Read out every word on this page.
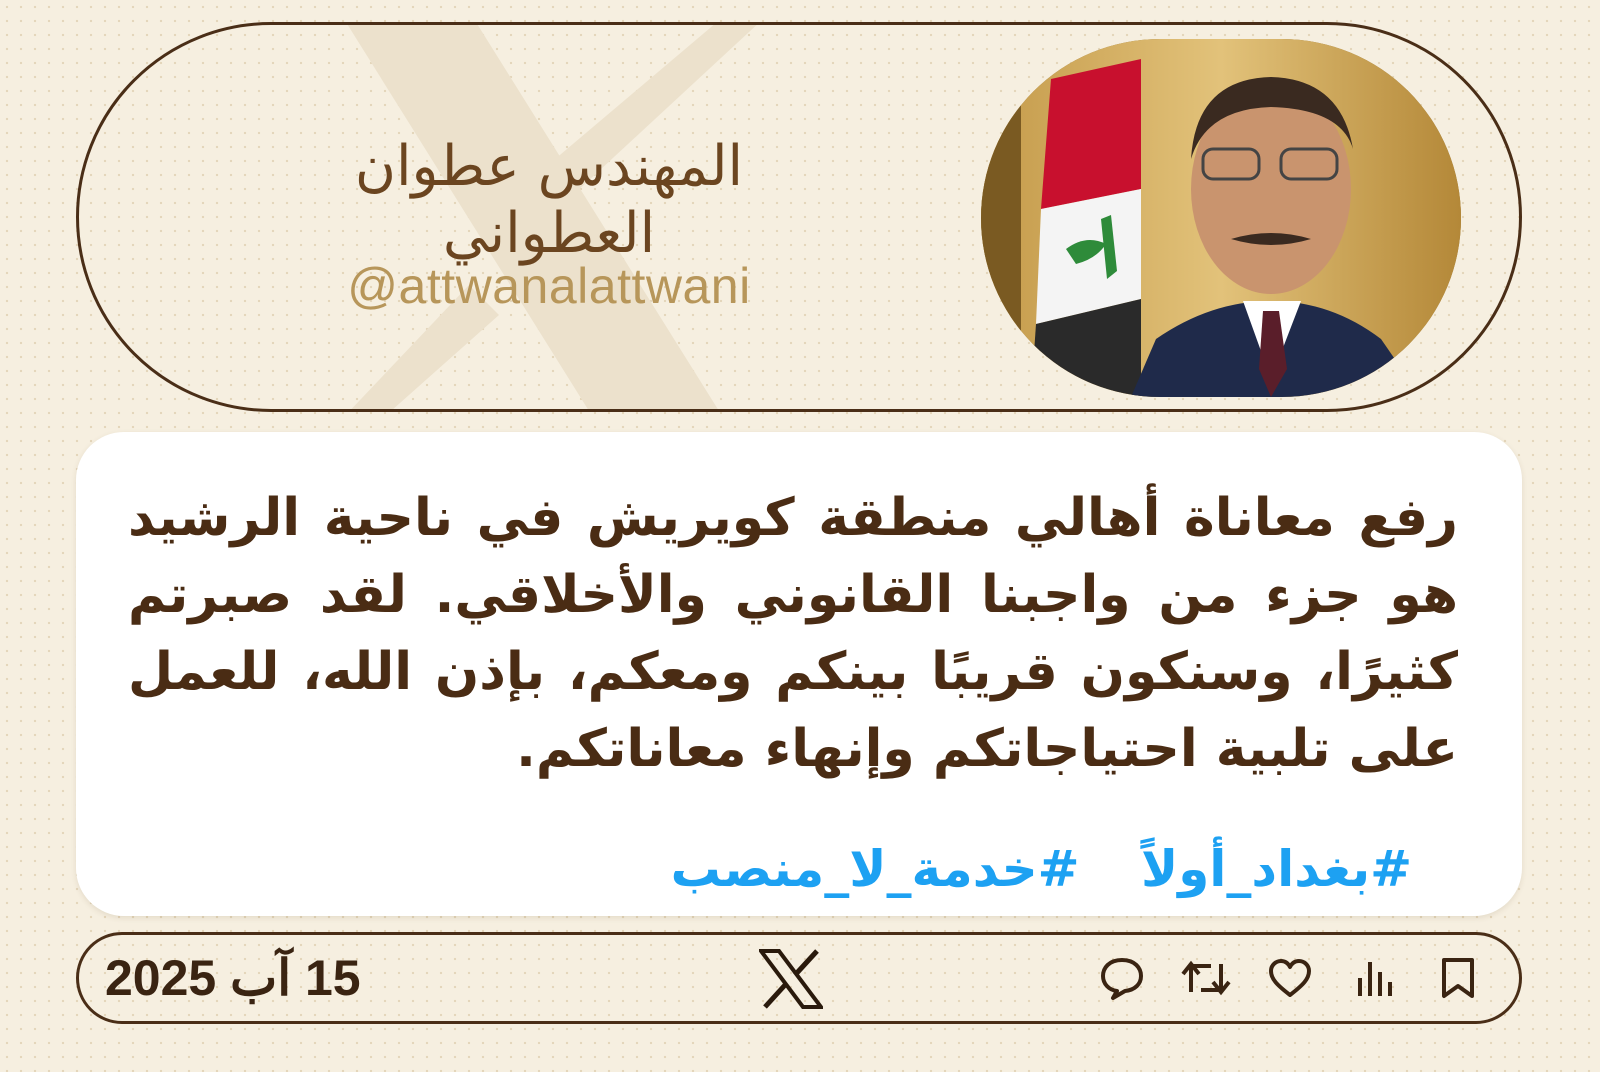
المهندس عطوان العطواني
@attwanalattwani
رفع معاناة أهالي منطقة كويريش في ناحية الرشيد هو جزء من واجبنا القانوني والأخلاقي. لقد صبرتم كثيرًا، وسنكون قريبًا بينكم ومعكم، بإذن الله، للعمل على تلبية احتياجاتكم وإنهاء معاناتكم.
#بغداد_أولاً #خدمة_لا_منصب
15 آب 2025
